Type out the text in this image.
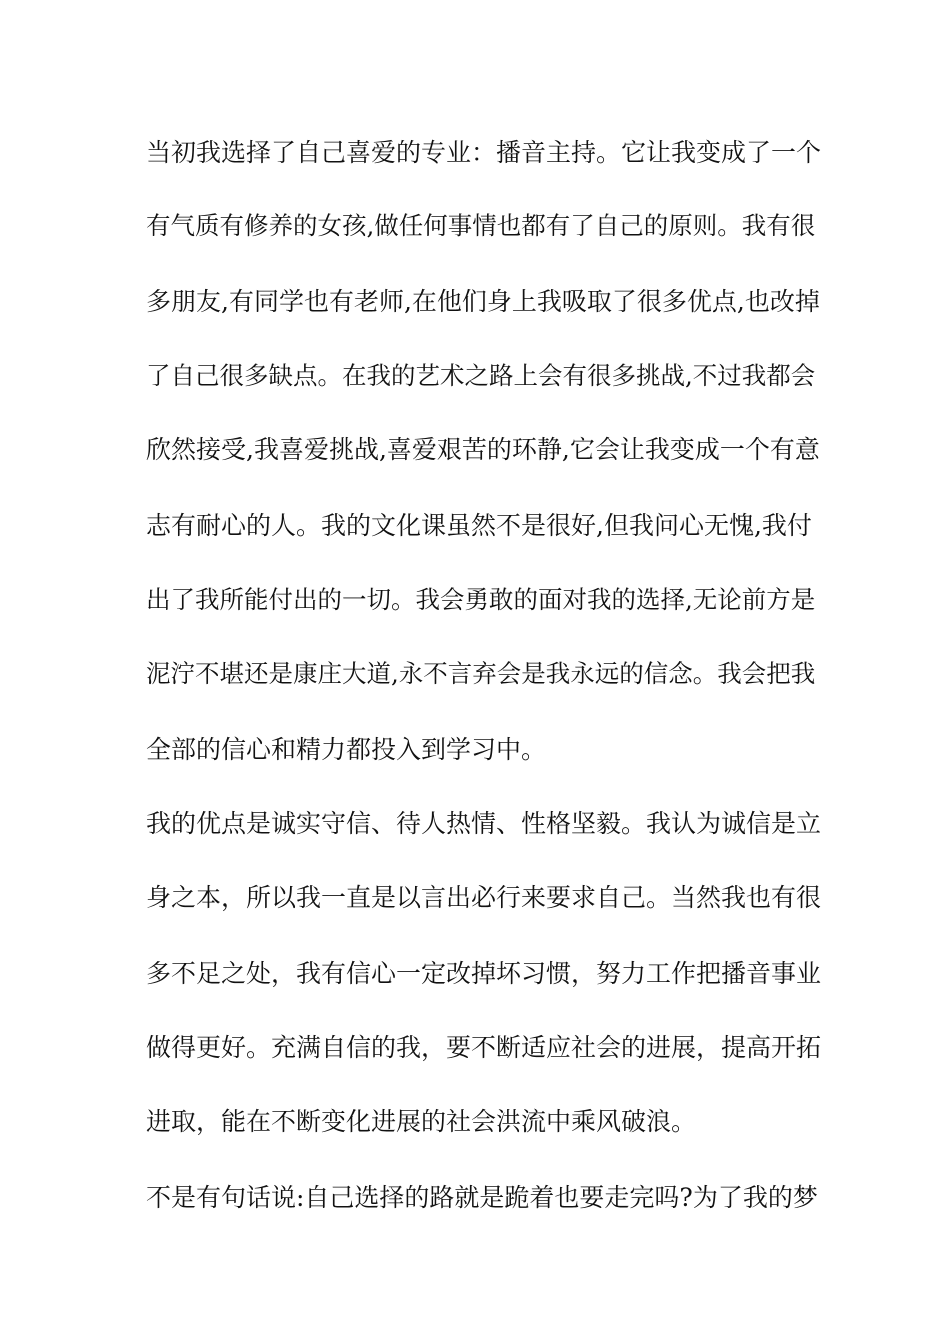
当初我选择了自己喜爱的专业：播音主持。它让我变成了一个
有气质有修养的女孩,做任何事情也都有了自己的原则。我有很
多朋友,有同学也有老师,在他们身上我吸取了很多优点,也改掉
了自己很多缺点。在我的艺术之路上会有很多挑战,不过我都会
欣然接受,我喜爱挑战,喜爱艰苦的环静,它会让我变成一个有意
志有耐心的人。我的文化课虽然不是很好,但我问心无愧,我付
出了我所能付出的一切。我会勇敢的面对我的选择,无论前方是
泥泞不堪还是康庄大道,永不言弃会是我永远的信念。我会把我
全部的信心和精力都投入到学习中。
我的优点是诚实守信、待人热情、性格坚毅。我认为诚信是立
身之本，所以我一直是以言出必行来要求自己。当然我也有很
多不足之处，我有信心一定改掉坏习惯，努力工作把播音事业
做得更好。充满自信的我，要不断适应社会的进展，提高开拓
进取，能在不断变化进展的社会洪流中乘风破浪。
不是有句话说:自己选择的路就是跪着也要走完吗?为了我的梦
